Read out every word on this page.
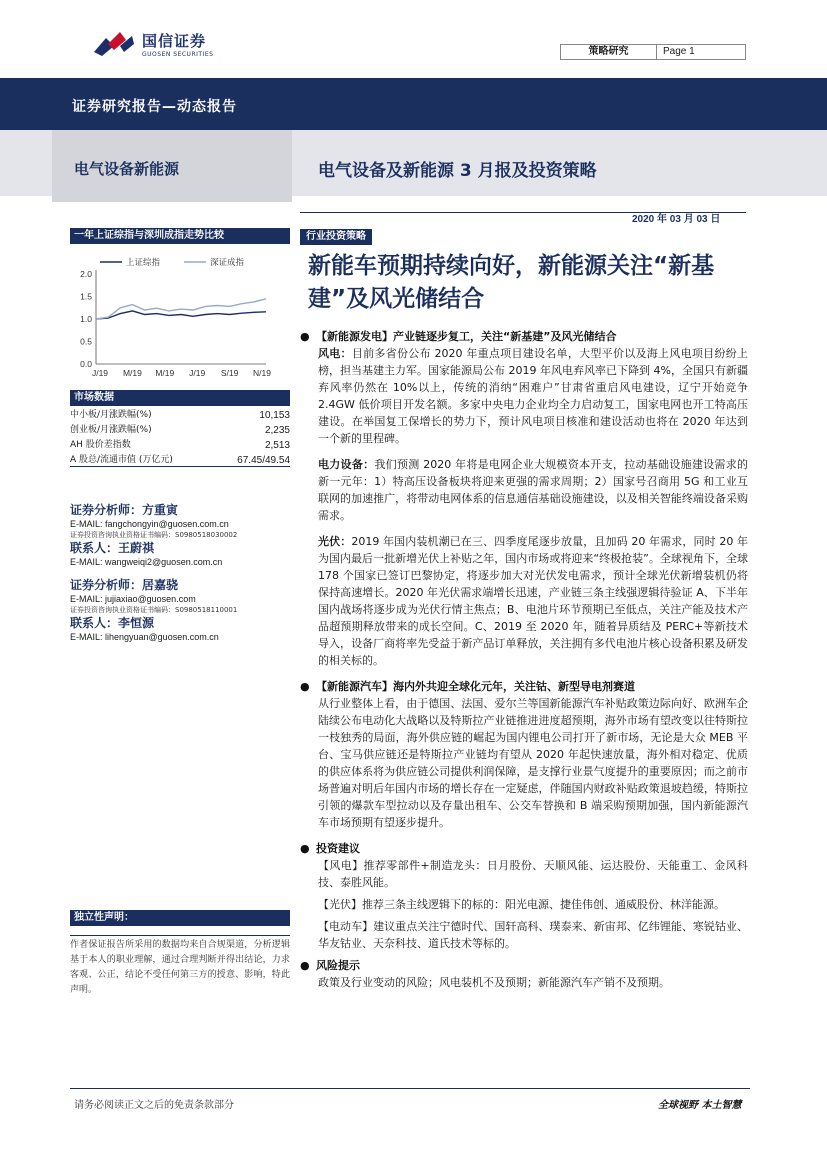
国信证券
GUOSEN SECURITIES	策略研究	Page 1
证券研究报告—动态报告
电气设备新能源	电气设备及新能源 3 月报及投资策略
2020 年 03 月 03 日
一年上证综指与深圳成指走势比较
0.0
0.5
1.0
1.5
2.0
J/19 M/19 M/19 J/19 S/19 N/19
上证综指	深证成指
市场数据
中小板/月涨跌幅(%)	10,153
创业板/月涨跌幅(%)	2,235
AH 股价差指数	2,513
A 股总/流通市值 (万亿元)	67.45/49.54
证券分析师：方重寅
E-MAIL: fangchongyin@guosen.com.cn
证券投资咨询执业资格证书编码：S0980518030002
联系人：王蔚祺
E-MAIL: wangweiqi2@guosen.com.cn
证券分析师：居嘉骁
E-MAIL: jujiaxiao@guosen.com
证券投资咨询执业资格证书编码：S0980518110001
联系人：李恒源
E-MAIL: lihengyuan@guosen.com.cn
独立性声明：
作者保证报告所采用的数据均来自合规渠道，分析逻辑基于本人的职业理解，通过合理判断并得出结论，力求客观、公正，结论不受任何第三方的授意、影响，特此声明。
行业投资策略
新能车预期持续向好，新能源关注“新基建”及风光储结合
● 【新能源发电】产业链逐步复工，关注“新基建”及风光储结合
风电：目前多省份公布 2020 年重点项目建设名单，大型平价以及海上风电项目纷纷上榜，担当基建主力军。国家能源局公布 2019 年风电弃风率已下降到 4%，全国只有新疆弃风率仍然在 10%以上，传统的消纳“困难户”甘肃省重启风电建设，辽宁开始竞争 2.4GW 低价项目开发名额。多家中央电力企业均全力启动复工，国家电网也开工特高压建设。在举国复工保增长的势力下，预计风电项目核准和建设活动也将在 2020 年达到一个新的里程碑。
电力设备：我们预测 2020 年将是电网企业大规模资本开支，拉动基础设施建设需求的新一元年：1）特高压设备板块将迎来更强的需求周期；2）国家号召商用 5G 和工业互联网的加速推广，将带动电网体系的信息通信基础设施建设，以及相关智能终端设备采购需求。
光伏：2019 年国内装机潮已在三、四季度尾逐步放量，且加码 20 年需求，同时 20 年为国内最后一批新增光伏上补贴之年，国内市场或将迎来“终极抢装”。全球视角下，全球 178 个国家已签订巴黎协定，将逐步加大对光伏发电需求，预计全球光伏新增装机仍将保持高速增长。2020 年光伏需求端增长迅速，产业链三条主线强逻辑待验证 A、下半年国内战场将逐步成为光伏行情主焦点；B、电池片环节预期已至低点，关注产能及技术产品超预期释放带来的成长空间。C、2019 至 2020 年，随着异质结及 PERC+等新技术导入，设备厂商将率先受益于新产品订单释放，关注拥有多代电池片核心设备积累及研发的相关标的。
● 【新能源汽车】海内外共迎全球化元年，关注钴、新型导电剂赛道
从行业整体上看，由于德国、法国、爱尔兰等国新能源汽车补贴政策边际向好、欧洲车企陆续公布电动化大战略以及特斯拉产业链推进进度超预期，海外市场有望改变以往特斯拉一枝独秀的局面，海外供应链的崛起为国内锂电公司打开了新市场，无论是大众 MEB 平台、宝马供应链还是特斯拉产业链均有望从 2020 年起快速放量，海外相对稳定、优质的供应体系将为供应链公司提供利润保障，是支撑行业景气度提升的重要原因；而之前市场普遍对明后年国内市场的增长存在一定疑虑，伴随国内财政补贴政策退坡趋缓，特斯拉引领的爆款车型拉动以及存量出租车、公交车替换和 B 端采购预期加强，国内新能源汽车市场预期有望逐步提升。
● 投资建议
【风电】推荐零部件+制造龙头：日月股份、天顺风能、运达股份、天能重工、金风科技、泰胜风能。
【光伏】推荐三条主线逻辑下的标的：阳光电源、捷佳伟创、通威股份、林洋能源。
【电动车】建议重点关注宁德时代、国轩高科、璞泰来、新宙邦、亿纬锂能、寒锐钴业、华友钴业、天奈科技、道氏技术等标的。
● 风险提示
政策及行业变动的风险；风电装机不及预期；新能源汽车产销不及预期。
请务必阅读正文之后的免责条款部分	全球视野 本土智慧
